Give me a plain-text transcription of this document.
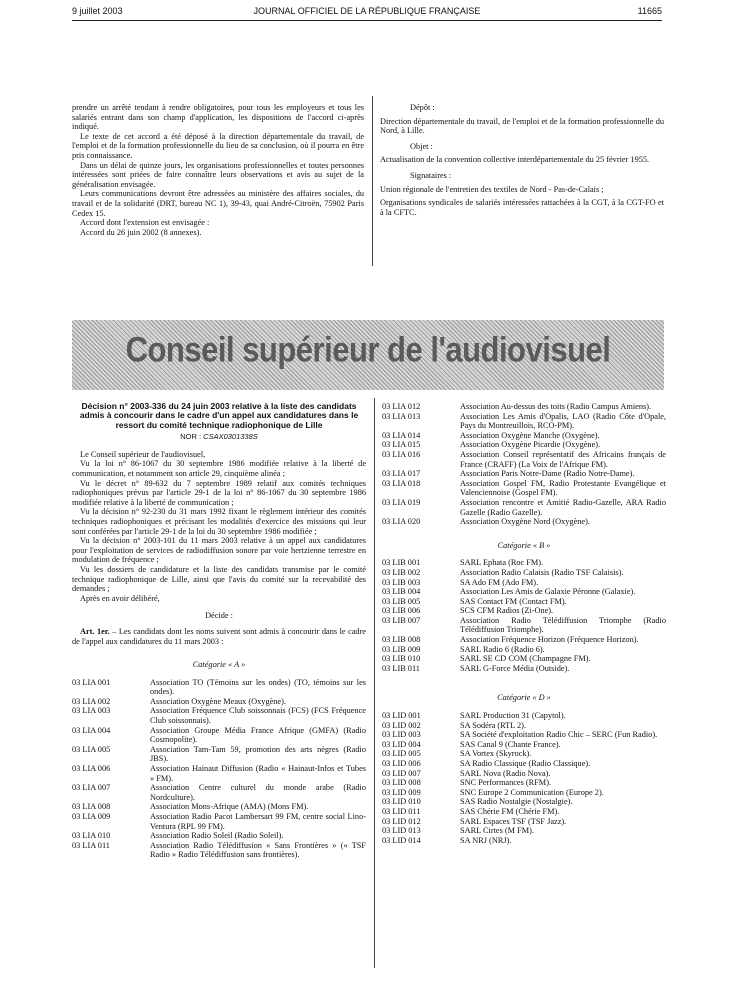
9 juillet 2003	JOURNAL OFFICIEL DE LA RÉPUBLIQUE FRANÇAISE	11665

prendre un arrêté tendant à rendre obligatoires, pour tous les employeurs et tous les salariés entrant dans son champ d'application, les dispositions de l'accord ci-après indiqué.

Le texte de cet accord a été déposé à la direction départementale du travail, de l'emploi et de la formation professionnelle du lieu de sa conclusion, où il pourra en être pris connaissance.

Dans un délai de quinze jours, les organisations professionnelles et toutes personnes intéressées sont priées de faire connaître leurs observations et avis au sujet de la généralisation envisagée.

Leurs communications devront être adressées au ministère des affaires sociales, du travail et de la solidarité (DRT, bureau NC 1), 39-43, quai André-Citroën, 75902 Paris Cedex 15.

Accord dont l'extension est envisagée :

Accord du 26 juin 2002 (8 annexes).

Dépôt :

Direction départementale du travail, de l'emploi et de la formation professionnelle du Nord, à Lille.

Objet :

Actualisation de la convention collective interdépartementale du 25 février 1955.

Signataires :

Union régionale de l'entretien des textiles de Nord - Pas-de-Calais ;

Organisations syndicales de salariés intéressées rattachées à la CGT, à la CGT-FO et à la CFTC.

Conseil supérieur de l'audiovisuel
Décision n° 2003-336 du 24 juin 2003 relative à la liste des candidats admis à concourir dans le cadre d'un appel aux candidatures dans le ressort du comité technique radiophonique de Lille
NOR : CSAX0301338S

Le Conseil supérieur de l'audiovisuel,

Vu la loi n° 86-1067 du 30 septembre 1986 modifiée relative à la liberté de communication, et notamment son article 29, cinquième alinéa ;

Vu le décret n° 89-632 du 7 septembre 1989 relatif aux comités techniques radiophoniques prévus par l'article 29-1 de la loi n° 86-1067 du 30 septembre 1986 modifiée relative à la liberté de communication ;

Vu la décision n° 92-230 du 31 mars 1992 fixant le règlement intérieur des comités techniques radiophoniques et précisant les modalités d'exercice des missions qui leur sont conférées par l'article 29-1 de la loi du 30 septembre 1986 modifiée ;

Vu la décision n° 2003-101 du 11 mars 2003 relative à un appel aux candidatures pour l'exploitation de services de radiodiffusion sonore par voie hertzienne terrestre en modulation de fréquence ;

Vu les dossiers de candidature et la liste des candidats transmise par le comité technique radiophonique de Lille, ainsi que l'avis du comité sur la recevabilité des demandes ;

Après en avoir délibéré,

Décide :

Art. 1er. – Les candidats dont les noms suivent sont admis à concourir dans le cadre de l'appel aux candidatures du 11 mars 2003 :

Catégorie « A »
03 LIA 001	Association TO (Témoins sur les ondes) (TO, témoins sur les ondes).
03 LIA 002	Association Oxygène Meaux (Oxygène).
03 LIA 003	Association Fréquence Club soissonnais (FCS) (FCS Fréquence Club soissonnais).
03 LIA 004	Association Groupe Média France Afrique (GMFA) (Radio Cosmopolite).
03 LIA 005	Association Tam-Tam 59, promotion des arts nègres (Radio JBS).
03 LIA 006	Association Hainaut Diffusion (Radio « Hainaut-Infos et Tubes » FM).
03 LIA 007	Association Centre culturel du monde arabe (Radio Nordculture).
03 LIA 008	Association Mons-Afrique (AMA) (Mons FM).
03 LIA 009	Association Radio Pacot Lambersart 99 FM, centre social Lino-Ventura (RPL 99 FM).
03 LIA 010	Association Radio Soleil (Radio Soleil).
03 LIA 011	Association Radio Télédiffusion « Sans Frontières » (« TSF Radio » Radio Télédiffusion sans frontières).
03 LIA 012	Association Au-dessus des toits (Radio Campus Amiens).
03 LIA 013	Association Les Amis d'Opalis, LAO (Radio Côte d'Opale, Pays du Montreuillois, RCO-PM).
03 LIA 014	Association Oxygène Manche (Oxygène).
03 LIA 015	Association Oxygène Picardie (Oxygène).
03 LIA 016	Association Conseil représentatif des Africains français de France (CRAFF) (La Voix de l'Afrique FM).
03 LIA 017	Association Paris Notre-Dame (Radio Notre-Dame).
03 LIA 018	Association Gospel FM, Radio Protestante Evangélique et Valenciennoise (Gospel FM).
03 LIA 019	Association rencontre et Amitié Radio-Gazelle, ARA Radio Gazelle (Radio Gazelle).
03 LIA 020	Association Oxygène Nord (Oxygène).
Catégorie « B »
03 LIB 001	SARL Ephata (Roc FM).
03 LIB 002	Association Radio Calaisis (Radio TSF Calaisis).
03 LIB 003	SA Ado FM (Ado FM).
03 LIB 004	Association Les Amis de Galaxie Péronne (Galaxie).
03 LIB 005	SAS Contact FM (Contact FM).
03 LIB 006	SCS CFM Radios (Zi-One).
03 LIB 007	Association Radio Télédiffusion Triomphe (Radio Télédiffusion Triomphe).
03 LIB 008	Association Fréquence Horizon (Fréquence Horizon).
03 LIB 009	SARL Radio 6 (Radio 6).
03 LIB 010	SARL SE CD COM (Champagne FM).
03 LIB 011	SARL G-Force Média (Outside).
Catégorie « D »
03 LID 001	SARL Production 31 (Capytol).
03 LID 002	SA Sodéra (RTL 2).
03 LID 003	SA Société d'exploitation Radio Chic – SERC (Fun Radio).
03 LID 004	SAS Canal 9 (Chante France).
03 LID 005	SA Vortex (Skyrock).
03 LID 006	SA Radio Classique (Radio Classique).
03 LID 007	SARL Nova (Radio Nova).
03 LID 008	SNC Performances (RFM).
03 LID 009	SNC Europe 2 Communication (Europe 2).
03 LID 010	SAS Radio Nostalgie (Nostalgie).
03 LID 011	SAS Chérie FM (Chérie FM).
03 LID 012	SARL Espaces TSF (TSF Jazz).
03 LID 013	SARL Cirtes (M FM).
03 LID 014	SA NRJ (NRJ).
